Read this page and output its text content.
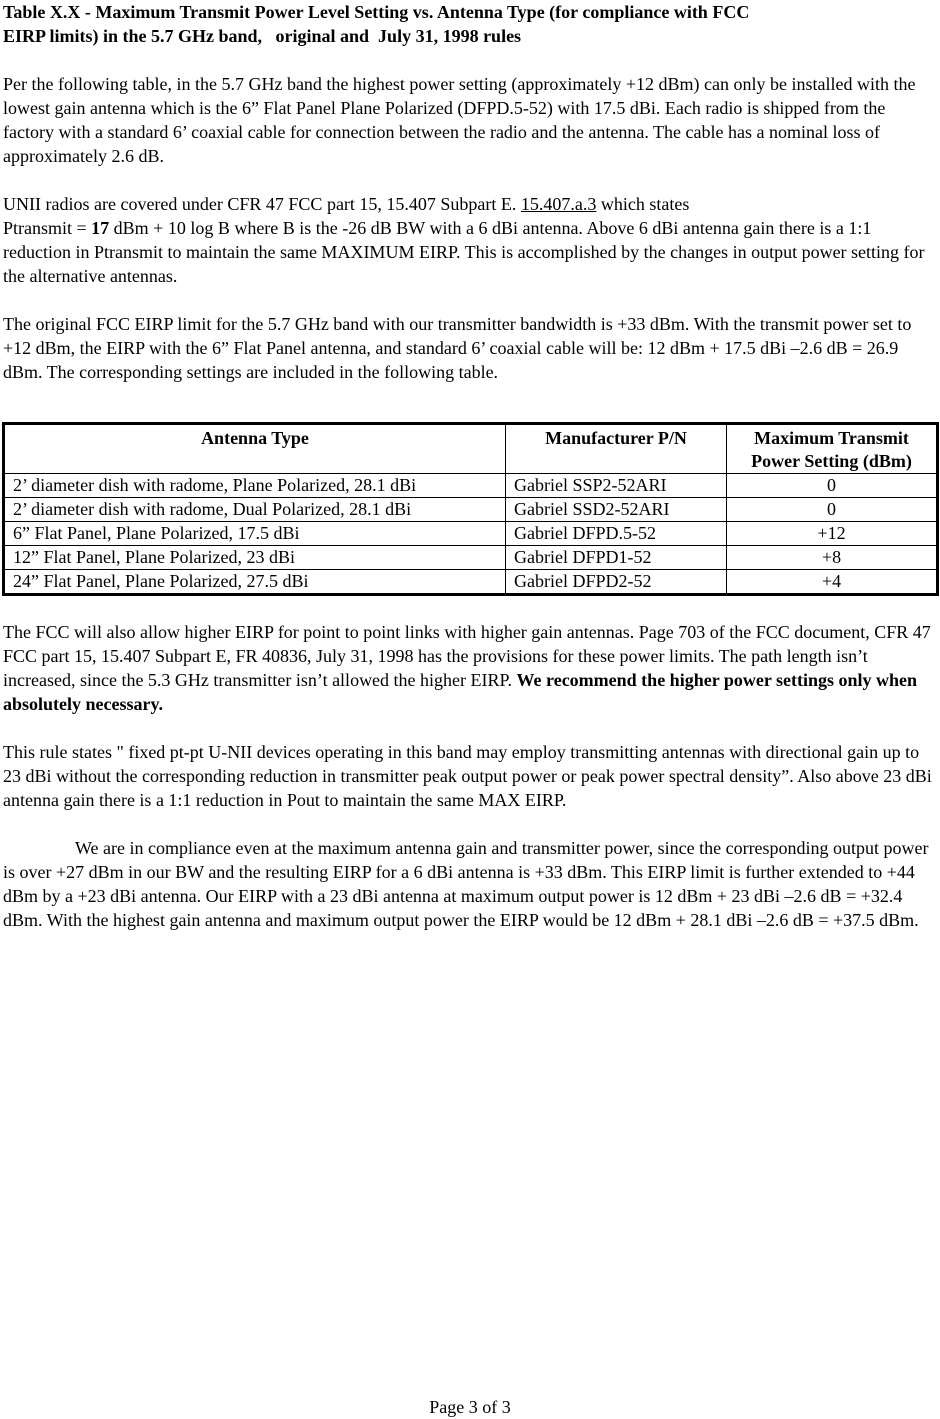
Table X.X - Maximum Transmit Power Level Setting vs. Antenna Type (for compliance with FCC
EIRP limits) in the 5.7 GHz band,   original and  July 31, 1998 rules

Per the following table, in the 5.7 GHz band the highest power setting (approximately +12 dBm) can only be installed with the lowest gain antenna which is the 6” Flat Panel Plane Polarized (DFPD.5-52) with 17.5 dBi. Each radio is shipped from the factory with a standard 6’ coaxial cable for connection between the radio and the antenna. The cable has a nominal loss of approximately 2.6 dB.

UNII radios are covered under CFR 47 FCC part 15, 15.407 Subpart E. 15.407.a.3 which states
Ptransmit = 17 dBm + 10 log B where B is the -26 dB BW with a 6 dBi antenna. Above 6 dBi antenna gain there is a 1:1 reduction in Ptransmit to maintain the same MAXIMUM EIRP. This is accomplished by the changes in output power setting for the alternative antennas.

The original FCC EIRP limit for the 5.7 GHz band with our transmitter bandwidth is +33 dBm. With the transmit power set to +12 dBm, the EIRP with the 6” Flat Panel antenna, and standard 6’ coaxial cable will be: 12 dBm + 17.5 dBi –2.6 dB = 26.9 dBm. The corresponding settings are included in the following table.

Antenna Type	Manufacturer P/N	Maximum Transmit
Power Setting (dBm)
2’ diameter dish with radome, Plane Polarized, 28.1 dBi	Gabriel SSP2-52ARI	0
2’ diameter dish with radome, Dual Polarized, 28.1 dBi	Gabriel SSD2-52ARI	0
6” Flat Panel, Plane Polarized, 17.5 dBi	Gabriel DFPD.5-52	+12
12” Flat Panel, Plane Polarized, 23 dBi	Gabriel DFPD1-52	+8
24” Flat Panel, Plane Polarized, 27.5 dBi	Gabriel DFPD2-52	+4

The FCC will also allow higher EIRP for point to point links with higher gain antennas. Page 703 of the FCC document, CFR 47 FCC part 15, 15.407 Subpart E, FR 40836, July 31, 1998 has the provisions for these power limits. The path length isn’t increased, since the 5.3 GHz transmitter isn’t allowed the higher EIRP. We recommend the higher power settings only when absolutely necessary.

This rule states " fixed pt-pt U-NII devices operating in this band may employ transmitting antennas with directional gain up to 23 dBi without the corresponding reduction in transmitter peak output power or peak power spectral density”. Also above 23 dBi antenna gain there is a 1:1 reduction in Pout to maintain the same MAX EIRP.

We are in compliance even at the maximum antenna gain and transmitter power, since the corresponding output power is over +27 dBm in our BW and the resulting EIRP for a 6 dBi antenna is +33 dBm. This EIRP limit is further extended to +44 dBm by a +23 dBi antenna. Our EIRP with a 23 dBi antenna at maximum output power is 12 dBm + 23 dBi –2.6 dB = +32.4 dBm. With the highest gain antenna and maximum output power the EIRP would be 12 dBm + 28.1 dBi –2.6 dB = +37.5 dBm.

Page 3 of 3
